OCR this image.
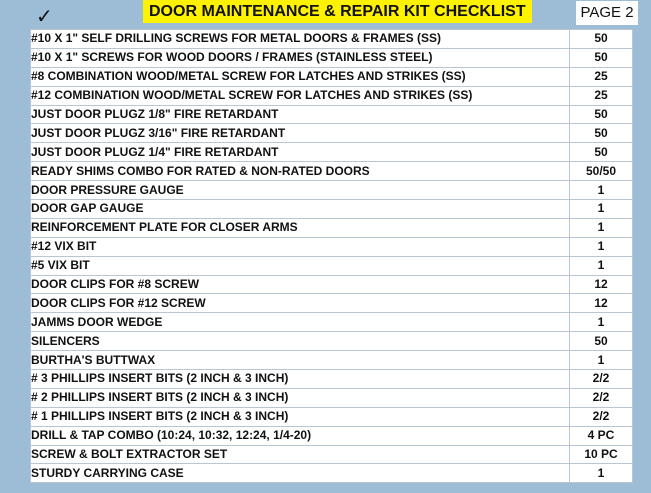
✓	DOOR MAINTENANCE & REPAIR KIT CHECKLIST	PAGE 2
#10 X 1" SELF DRILLING SCREWS FOR METAL DOORS & FRAMES (SS)	50
#10 X 1" SCREWS FOR WOOD DOORS / FRAMES (STAINLESS STEEL)	50
#8 COMBINATION WOOD/METAL SCREW FOR LATCHES AND STRIKES (SS)	25
#12 COMBINATION WOOD/METAL SCREW FOR LATCHES AND STRIKES (SS)	25
JUST DOOR PLUGZ 1/8" FIRE RETARDANT	50
JUST DOOR PLUGZ 3/16" FIRE RETARDANT	50
JUST DOOR PLUGZ 1/4" FIRE RETARDANT	50
READY SHIMS COMBO FOR RATED & NON-RATED DOORS	50/50
DOOR PRESSURE GAUGE	1
DOOR GAP GAUGE	1
REINFORCEMENT PLATE FOR CLOSER ARMS	1
#12 VIX BIT	1
#5 VIX BIT	1
DOOR CLIPS FOR #8 SCREW	12
DOOR CLIPS FOR #12 SCREW	12
JAMMS DOOR WEDGE	1
SILENCERS	50
BURTHA'S BUTTWAX	1
# 3 PHILLIPS INSERT BITS (2 INCH & 3 INCH)	2/2
# 2 PHILLIPS INSERT BITS (2 INCH & 3 INCH)	2/2
# 1 PHILLIPS INSERT BITS (2 INCH & 3 INCH)	2/2
DRILL & TAP COMBO (10:24, 10:32, 12:24, 1/4-20)	4 PC
SCREW & BOLT EXTRACTOR SET	10 PC
STURDY CARRYING CASE	1
